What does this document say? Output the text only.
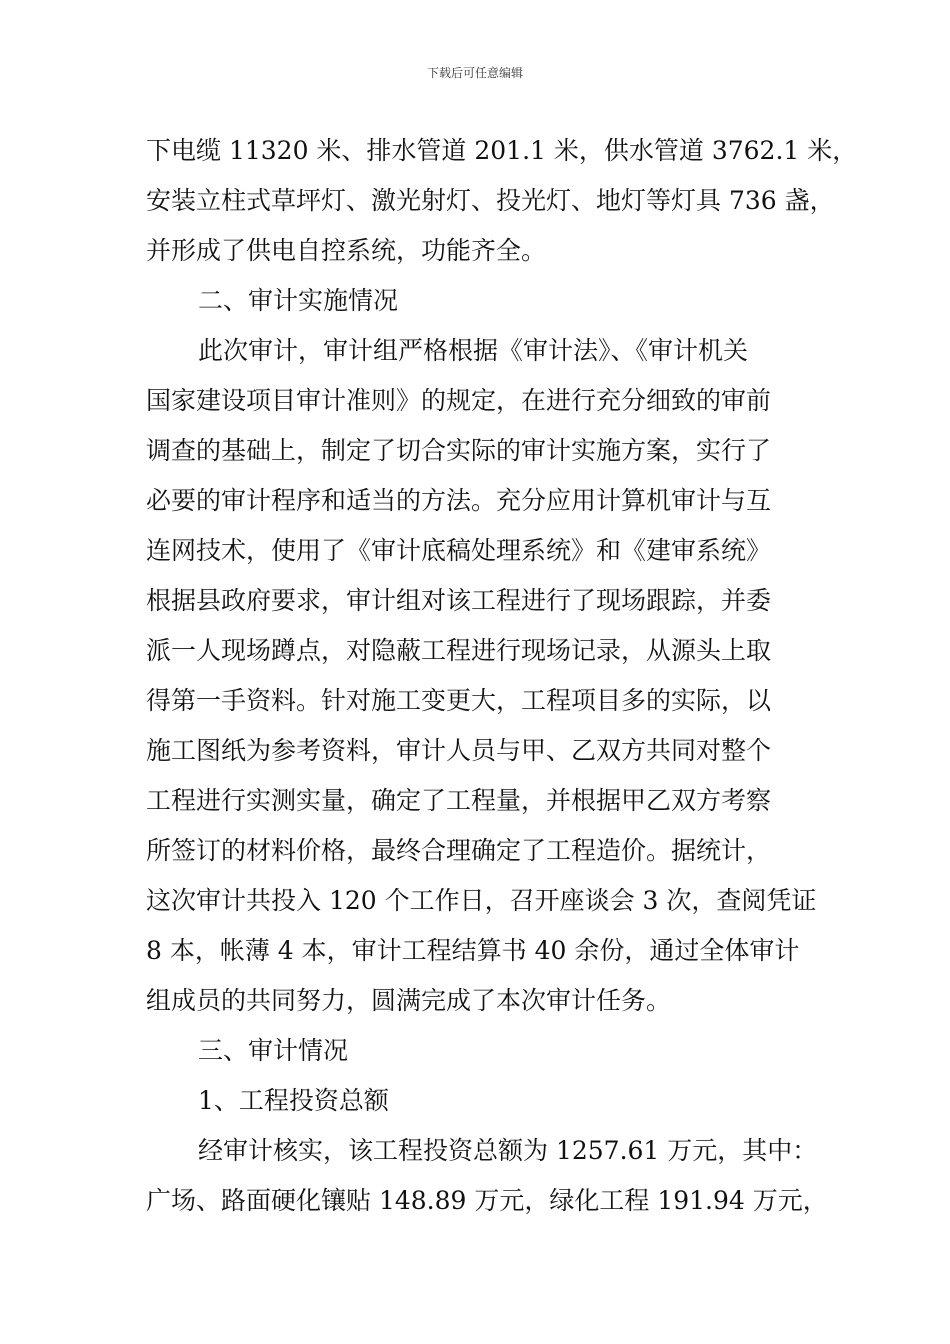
下载后可任意编辑
下电缆 11320 米、排水管道 201.1 米，供水管道 3762.1 米，
安装立柱式草坪灯、激光射灯、投光灯、地灯等灯具 736 盏，
并形成了供电自控系统，功能齐全。
二、审计实施情况
此次审计，审计组严格根据《审计法》、《审计机关
国家建设项目审计准则》的规定，在进行充分细致的审前
调查的基础上，制定了切合实际的审计实施方案，实行了
必要的审计程序和适当的方法。充分应用计算机审计与互
连网技术，使用了《审计底稿处理系统》和《建审系统》
根据县政府要求，审计组对该工程进行了现场跟踪，并委
派一人现场蹲点，对隐蔽工程进行现场记录，从源头上取
得第一手资料。针对施工变更大，工程项目多的实际，以
施工图纸为参考资料，审计人员与甲、乙双方共同对整个
工程进行实测实量，确定了工程量，并根据甲乙双方考察
所签订的材料价格，最终合理确定了工程造价。据统计，
这次审计共投入 120 个工作日，召开座谈会 3 次，查阅凭证
8 本，帐薄 4 本，审计工程结算书 40 余份，通过全体审计
组成员的共同努力，圆满完成了本次审计任务。
三、审计情况
1、工程投资总额
经审计核实，该工程投资总额为 1257.61 万元，其中：
广场、路面硬化镶贴 148.89 万元，绿化工程 191.94 万元，
